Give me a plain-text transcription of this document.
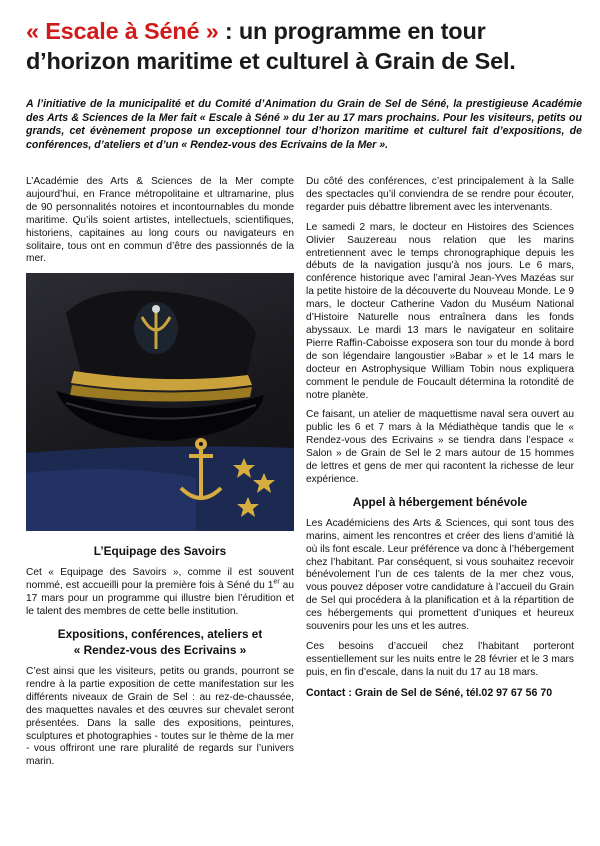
« Escale à Séné » : un programme en tour d’horizon maritime et culturel à Grain de Sel.

A l’initiative de la municipalité et du Comité d’Animation du Grain de Sel de Séné, la prestigieuse Académie des Arts & Sciences de la Mer fait « Escale à Séné » du 1er au 17 mars prochains. Pour les visiteurs, petits ou grands, cet évènement propose un exceptionnel tour d’horizon maritime et culturel fait d’expositions, de conférences, d’ateliers et d’un « Rendez-vous des Ecrivains de la Mer ».

L’Académie des Arts & Sciences de la Mer compte aujourd’hui, en France métropolitaine et ultramarine, plus de 90 personnalités notoires et incontournables du monde maritime. Qu’ils soient artistes, intellectuels, scientifiques, historiens, capitaines au long cours ou navigateurs en solitaire, tous ont en commun d’être des passionnés de la mer.

L’Equipage des Savoirs

Cet « Equipage des Savoirs », comme il est souvent nommé, est accueilli pour la première fois à Séné du 1er au 17 mars pour un programme qui illustre bien l’érudition et le talent des membres de cette belle institution.

Expositions, conférences, ateliers et
« Rendez-vous des Ecrivains »

C’est ainsi que les visiteurs, petits ou grands, pourront se rendre à la partie exposition de cette manifestation sur les différents niveaux de Grain de Sel : au rez-de-chaussée, des maquettes navales et des œuvres sur chevalet seront présentées. Dans la salle des expositions, peintures, sculptures et photographies - toutes sur le thème de la mer - vous offriront une rare pluralité de regards sur l’univers marin.

Du côté des conférences, c’est principalement à la Salle des spectacles qu’il conviendra de se rendre pour écouter, regarder puis débattre librement avec les intervenants.

Le samedi 2 mars, le docteur en Histoires des Sciences Olivier Sauzereau nous relation que les marins entretiennent avec le temps chronographique depuis les débuts de la navigation jusqu’à nos jours. Le 6 mars, conférence historique avec l’amiral Jean-Yves Mazéas sur la petite histoire de la découverte du Nouveau Monde. Le 9 mars, le docteur Catherine Vadon du Muséum National d’Histoire Naturelle nous entraînera dans les fonds abyssaux. Le mardi 13 mars le navigateur en solitaire Pierre Raffin-Caboisse exposera son tour du monde à bord de son légendaire langoustier »Babar » et le 14 mars le docteur en Astrophysique William Tobin nous expliquera comment le pendule de Foucault détermina la rotondité de notre planète.

Ce faisant, un atelier de maquettisme naval sera ouvert au public les 6 et 7 mars à la Médiathèque tandis que le « Rendez-vous des Ecrivains » se tiendra dans l’espace « Salon » de Grain de Sel le 2 mars autour de 15 hommes de lettres et gens de mer qui racontent la richesse de leur expérience.

Appel à hébergement bénévole

Les Académiciens des Arts & Sciences, qui sont tous des marins, aiment les rencontres et créer des liens d’amitié là où ils font escale. Leur préférence va donc à l’hébergement chez l’habitant. Par conséquent, si vous souhaitez recevoir bénévolement l’un de ces talents de la mer chez vous, vous pouvez déposer votre candidature à l’accueil du Grain de Sel qui procédera à la planification et à la répartition de ces hébergements qui promettent d’uniques et heureux souvenirs pour les uns et les autres.

Ces besoins d’accueil chez l’habitant porteront essentiellement sur les nuits entre le 28 février et le 3 mars puis, en fin d’escale, dans la nuit du 17 au 18 mars.

Contact : Grain de Sel de Séné, tél.02 97 67 56 70
